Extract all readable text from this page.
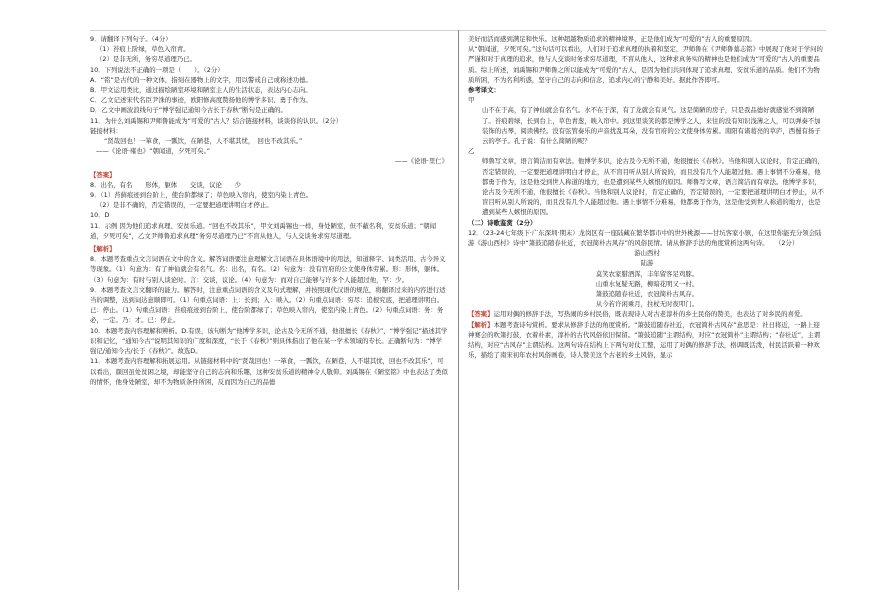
9．请翻译下列句子。（4分）

（1）苔痕上阶绿，草色入帘青。

（2）是非无所，务穷尽道理乃已。

10．下列说法不正确的一项是（　　）。（2分）

A．“铭”是古代的一种文体，指刻在器物上的文字，用以警戒自己或称述功德。

B．甲文运用类比，通过描绘陋室环境和陋室主人的生活状态，表达内心志向。

C．乙文记述宋代名臣尹洙的事迹，欧阳修高度赞扬他的博学多识、勇于作为。

D．乙文中画波浪线句子“博学强记通知今古长于春秋”断句是正确的。

11．为什么刘禹锡和尹师鲁能成为“可爱的”古人？结合链接材料，谈谈你的认识。（2分）

链接材料：

“贤哉回也！一箪食，一瓢饮，在陋巷，人不堪其忧，　回也不改其乐。”

——《论语·雍也》“朝闻道，夕死可矣。”

——《论语·里仁》

【答案】

8．出名，有名　　形体，躯体　　交谈，议论　　少

9．（1）苔藓痕迹到台阶上，使台阶都绿了；草色映入帘内，使室内染上青色。

（2）是非不确的，否定错误的，一定要把道理讲明白才停止。

10．D

11．示例 因为他们追求真理、安贫乐道。“回也不改其乐”，甲文刘禹锡也一样，身处陋室，但不蔽名利，安贫乐道；“朝闻道，夕死可矣”，乙文尹师鲁追求真理“务穷尽道理乃已”不盲从他人，与人交谈务求穷尽道理。

【解析】

8．本题考查重点文言词语在文中的含义。解答词语要注意理解文言词语在具体语境中的用法，知道释字、词类活用、古今异义等现象。（1）句意为：有了神仙就会有名气。名：出名，有名。（2）句意为：没有官府的公文使身体劳累。形：形体，躯体。（3）句意为：有时与别人谈论时。言：交谈，议论。（4）句意为：而对自己能够与许多个人能超过他，罕：少。

9．本题考查文言文翻译的能力。解答时，注意重点词语的含义及句式理解，并按照现代汉语的规范，将翻译过来的内容进行适当的调整，达到词达意顺即可。（1）句重点词语：上：长到；入：映入。（2）句重点词语：穷尽：追根究底，把道理讲明白。已：停止。（1）句重点词语：苔痕痕迹到台阶上，使台阶都绿了；草色映入帘内，使室内染上青色。（2）句重点词语：务：务必，一定。乃：才。已：停止。

10．本题考查内容理解和辨析。D.有误，该句断为“他博学多识，论古及今无所不通，他很擅长《春秋》”，“博学强记”描述其学识和记忆，“通知今古”说明其知识的广度和深度，“长于《春秋》”则具体指出了他在某一学术领域的专长。正确断句为：“博学强记/通知今古/长于《春秋》”。故选D。

11．本题考查内容理解和拓展运用。从链接材料中的“贤哉回也！一箪食，一瓢饮，在陋巷，人不堪其忧，回也不改其乐”，可以看出，颜回虽处贫困之境，却能坚守自己的志向和乐趣，这种安贫乐道的精神令人敬仰。刘禹锡在《陋室铭》中也表达了类似的情怀，他身处陋室，却不为物质条件所困，反而因为自己的品德

美好而活而感到满足和快乐。这种超越物质追求的精神境界，正是他们成为“可爱的”古人的重要原因。

从“朝闻道，夕死可矣。”这句话可以看出，人们对于追求真理的执着和坚定，尹师鲁在《尹师鲁墓志铭》中展现了他对于学问的严谨和对于真理的追求，他与人交谈时务求穷尽道理，不盲从他人，这种求真务实的精神也是他们成为“可爱的”古人的重要品质。综上所述，刘禹锡和尹师鲁之所以能成为“可爱的”古人，是因为他们共同体现了追求真理、安贫乐道的品质。他们不为物质所困，不为名利所惑，坚守自己的志向和信念，追求内心的宁静和美好。据此作答即可。

参考译文：

甲

山不在于高，有了神仙就会有名气。水不在于深，有了龙就会有灵气。这是简陋的房子，只是我品德好就感觉不到简陋了。苔痕碧绿，长到台上，草色青葱，映入帘中。到这里谈笑的都是博学之人，来往的没有知识浅薄之人，可以弹奏不加装饰的古琴，阅读佛经。没有弦管奏乐的声音扰乱耳朵，没有官府的公文使身体劳累。南阳有诸葛亮的草庐，西蜀有扬子云的亭子。孔子说：有什么简陋的呢？

乙

师鲁写文章，语言简洁而有章法。他博学多识，论古及今无所不通，他很擅长《春秋》。当他和别人议论时，肯定正确的，否定错误的，一定要把道理讲明白才停止，从不盲目听从别人所说的，而且没有几个人能超过他。遇上事情不分难易，他都勇于作为，这是他受到世人称道的地方，也是遭到某些人嫉恨的原因。师鲁写文章，语言简洁而有章法。他博学多识，论古及今无所不通，他很擅长《春秋》。当他和别人议论时，肯定正确的，否定错误的，一定要把道理讲明白才停止，从不盲目听从别人所说的，而且没有几个人能超过他。遇上事情不分难易，他都勇于作为，这是他受到世人称道的地方，也是遭到某些人嫉恨的原因。

（二）诗歌鉴赏（2分）

12．（23-24七年级下·广东深圳·期末）龙岗区有一座陆藏在繁华都市中的世外桃源——甘坑客家小镇，在这里你能充分领会陆游《游山西村》诗中“箫鼓追随春社近，衣冠简朴古风存”的风俗民情。请从修辞手法的角度赏析这两句诗。　　（2分）

游山西村

陆游

莫笑农家腊酒浑，丰年留客足鸡豚。

山重水复疑无路，柳暗花明又一村。

箫鼓追随春社近，衣冠简朴古风存。

从今若许闲乘月，拄杖无时夜叩门。

【答案】运用对偶的修辞手法，写热闹的乡村民俗，既表现诗人对古老淳朴的乡土民俗的赞美，也表达了对乡民的喜爱。

【解析】本题考查诗句赏析。要求从修辞手法的角度赏析。“箫鼓追随春社近，衣冠简朴古风存”意思是：社日将近，一路上迎神赛会的吹箫打鼓，衣着朴素，淳朴的古代风俗依旧保留。“箫鼓追随”主谓结构，对应“衣冠简朴”主谓结构；“春社近”，主谓结构，对应“古风存”主谓结构。这两句诗在结构上下两句对仗工整，运用了对偶的修辞手法，格调既活泼，村民活跃着一种欢乐，描绘了南宋初年农村风俗画卷，诗人赞美这个古老的乡土风俗，显示
